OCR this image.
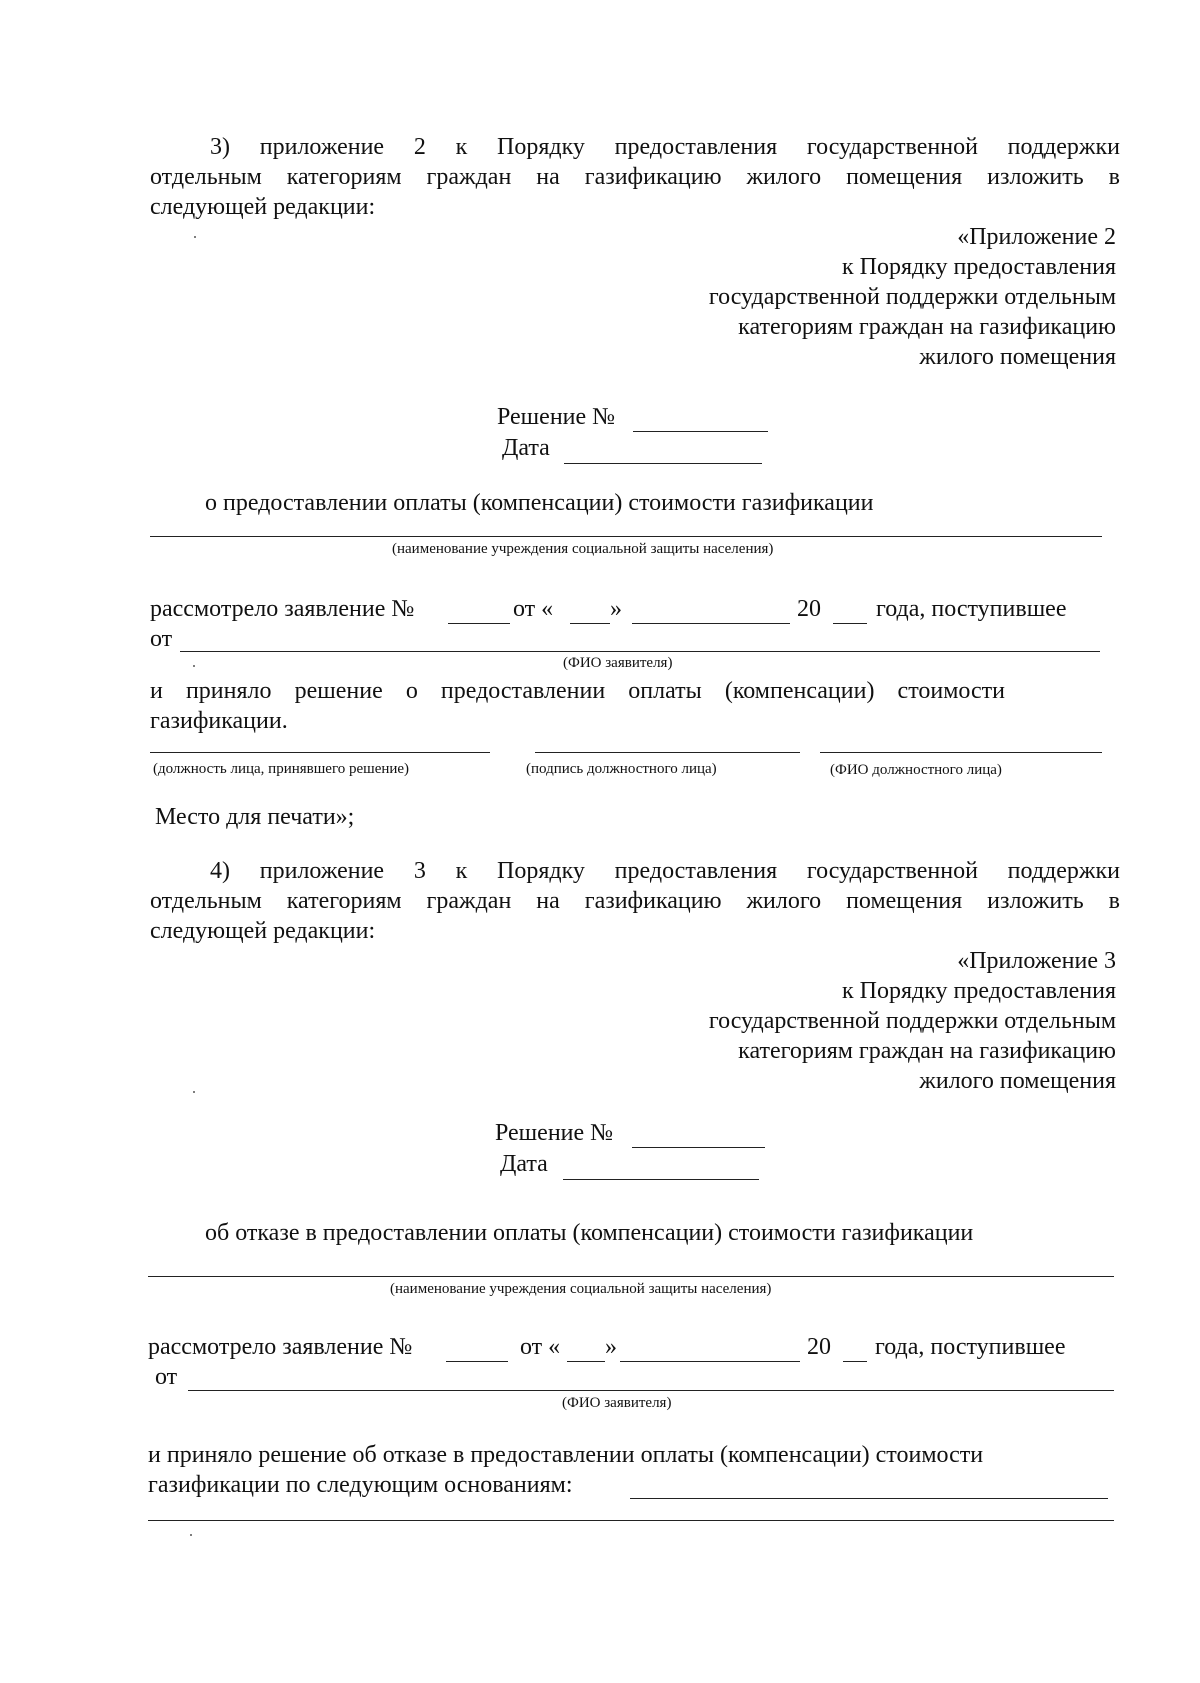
3) приложение 2 к Порядку предоставления государственной поддержки
отдельным категориям граждан на газификацию жилого помещения изложить в
следующей редакции:
«Приложение 2
к Порядку предоставления
государственной поддержки отдельным
категориям граждан на газификацию
жилого помещения
Решение №
Дата
о предоставлении оплаты (компенсации) стоимости газификации
(наименование учреждения социальной защиты населения)
рассмотрело заявление №	от « »	20 года, поступившее
от
(ФИО заявителя)
и приняло решение о предоставлении оплаты (компенсации) стоимости
газификации.
(должность лица, принявшего решение)	(подпись должностного лица)	(ФИО должностного лица)
Место для печати»;
4) приложение 3 к Порядку предоставления государственной поддержки
отдельным категориям граждан на газификацию жилого помещения изложить в
следующей редакции:
«Приложение 3
к Порядку предоставления
государственной поддержки отдельным
категориям граждан на газификацию
жилого помещения
Решение №
Дата
об отказе в предоставлении оплаты (компенсации) стоимости газификации
(наименование учреждения социальной защиты населения)
рассмотрело заявление №	от « »	20 года, поступившее
от
(ФИО заявителя)
и приняло решение об отказе в предоставлении оплаты (компенсации) стоимости
газификации по следующим основаниям:
